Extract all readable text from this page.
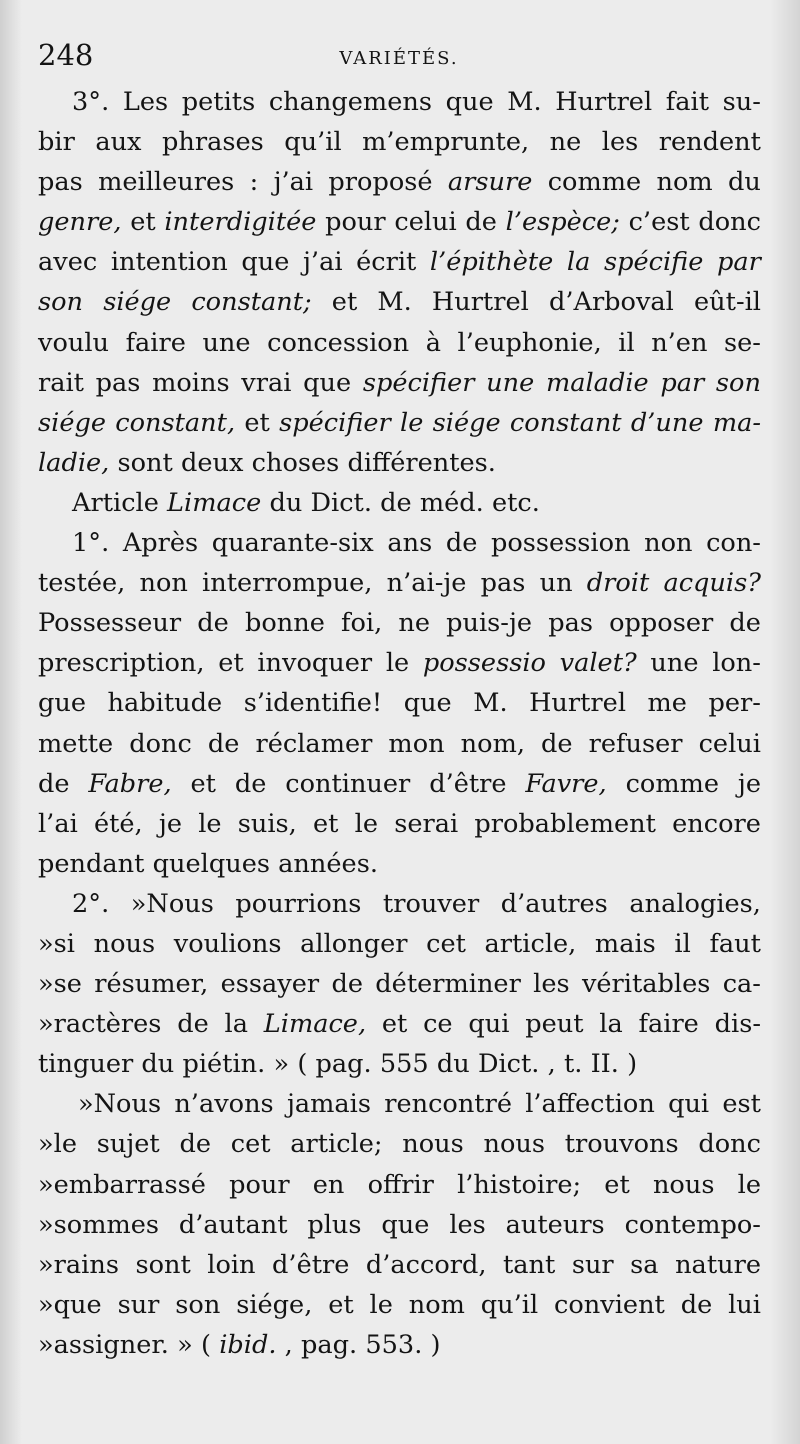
248	VARIÉTÉS.
3°. Les petits changemens que M. Hurtrel fait su-
bir aux phrases qu’il m’emprunte, ne les rendent
pas meilleures : j’ai proposé arsure comme nom du
genre, et interdigitée pour celui de l’espèce; c’est donc
avec intention que j’ai écrit l’épithète la spécifie par
son siége constant; et M. Hurtrel d’Arboval eût-il
voulu faire une concession à l’euphonie, il n’en se-
rait pas moins vrai que spécifier une maladie par son
siége constant, et spécifier le siége constant d’une ma-
ladie, sont deux choses différentes.
Article Limace du Dict. de méd. etc.
1°. Après quarante-six ans de possession non con-
testée, non interrompue, n’ai-je pas un droit acquis?
Possesseur de bonne foi, ne puis-je pas opposer de
prescription, et invoquer le possessio valet? une lon-
gue habitude s’identifie! que M. Hurtrel me per-
mette donc de réclamer mon nom, de refuser celui
de Fabre, et de continuer d’être Favre, comme je
l’ai été, je le suis, et le serai probablement encore
pendant quelques années.
2°. »Nous pourrions trouver d’autres analogies,
»si nous voulions allonger cet article, mais il faut
»se résumer, essayer de déterminer les véritables ca-
»ractères de la Limace, et ce qui peut la faire dis-
tinguer du piétin. » ( pag. 555 du Dict. , t. II. )
»Nous n’avons jamais rencontré l’affection qui est
»le sujet de cet article; nous nous trouvons donc
»embarrassé pour en offrir l’histoire; et nous le
»sommes d’autant plus que les auteurs contempo-
»rains sont loin d’être d’accord, tant sur sa nature
»que sur son siége, et le nom qu’il convient de lui
»assigner. » ( ibid. , pag. 553. )
